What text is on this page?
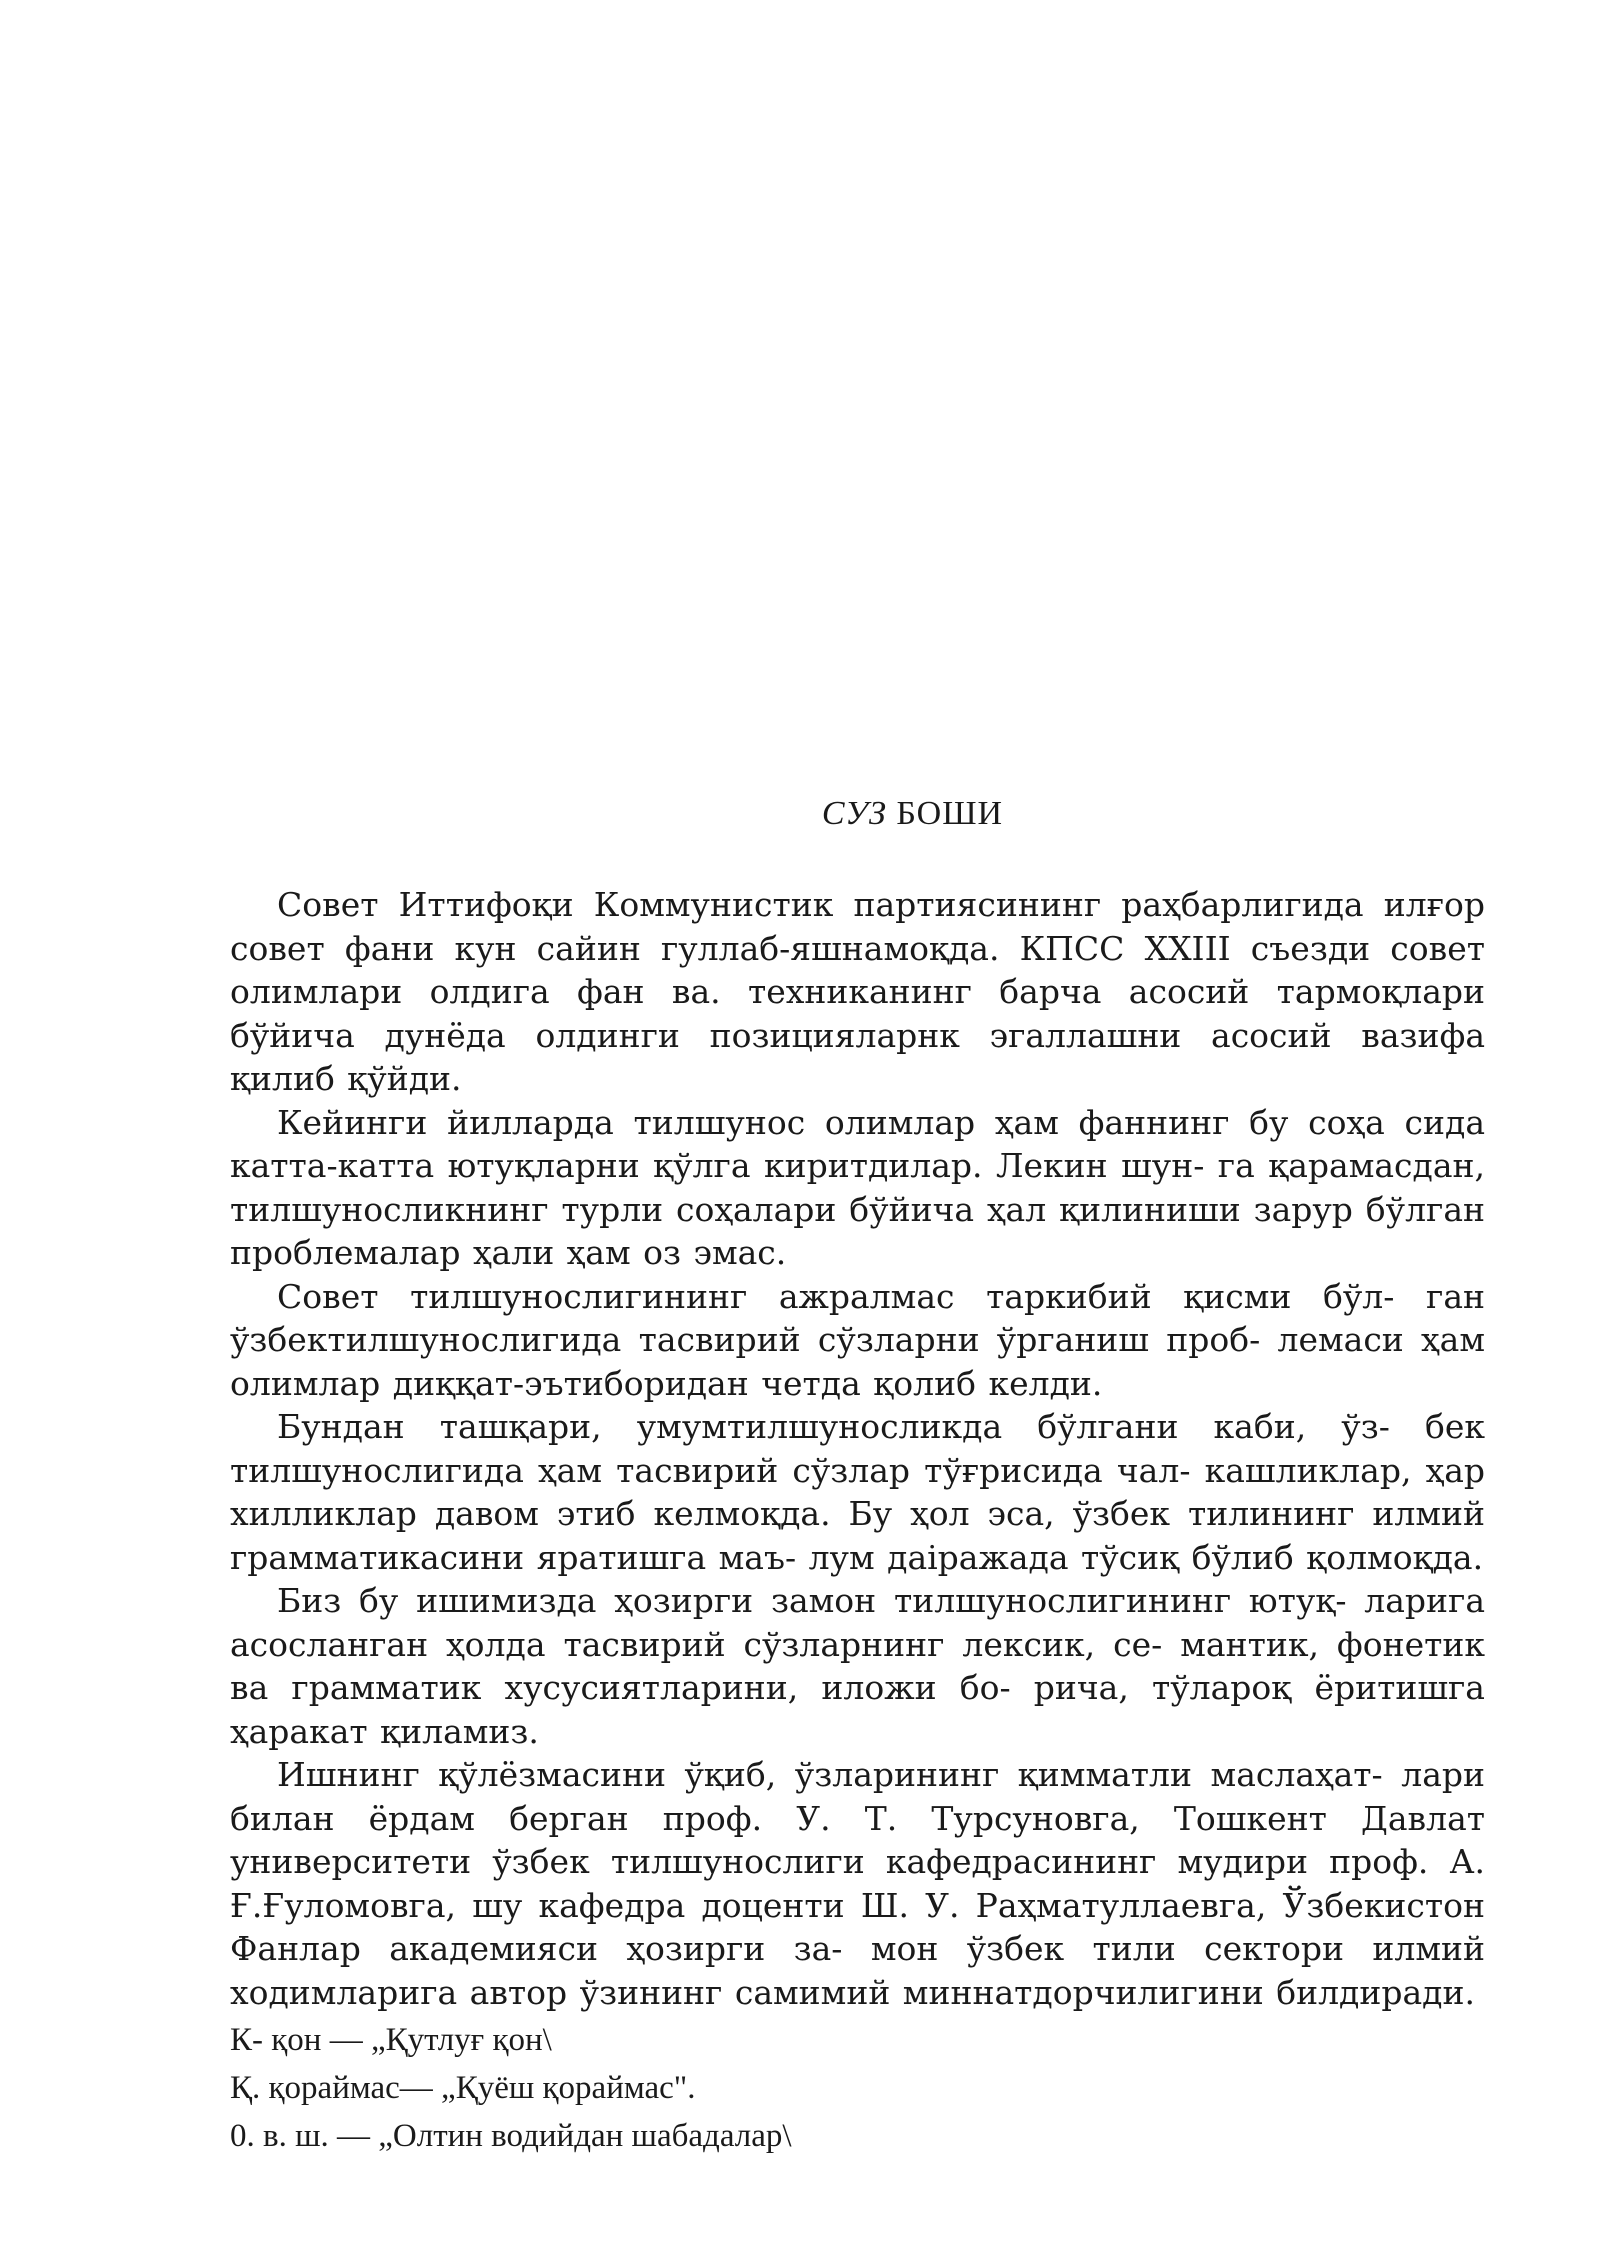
СУЗ БОШИ

Совет Иттифоқи Коммунистик партиясининг раҳбарлигида илғор совет фани кун сайин гуллаб-яшнамоқда. КПСС XXIII съезди совет олимлари олдига фан ва. техниканинг барча асосий тармоқлари бўйича дунёда олдинги позицияларнк эгаллашни асосий вазифа қилиб қўйди.

Кейинги йилларда тилшунос олимлар ҳам фаннинг бу соҳа сида катта-катта ютуқларни қўлга киритдилар. Лекин шун- га қарамасдан, тилшуносликнинг турли соҳалари бўйича ҳал қилиниши зарур бўлган проблемалар ҳали ҳам оз эмас.

Совет тилшунослигининг ажралмас таркибий қисми бўл- ган ўзбектилшунослигида тасвирий сўзларни ўрганиш проб- лемаси ҳам олимлар диққат-эътиборидан четда қолиб келди.

Бундан ташқари, умумтилшуносликда бўлгани каби, ўз- бек тилшунослигида ҳам тасвирий сўзлар тўғрисида чал- кашликлар, ҳар хилликлар давом этиб келмоқда. Бу ҳол эса, ўзбек тилининг илмий грамматикасини яратишга маъ- лум даіражада тўсиқ бўлиб қолмоқда.

Биз бу ишимизда ҳозирги замон тилшунослигининг ютуқ- ларига асосланган ҳолда тасвирий сўзларнинг лексик, се- мантик, фонетик ва грамматик хусусиятларини, иложи бо- рича, тўлароқ ёритишга ҳаракат қиламиз.

Ишнинг қўлёзмасини ўқиб, ўзларининг қимматли маслаҳат- лари билан ёрдам берган проф. У. Т. Турсуновга, Тошкент Давлат университети ўзбек тилшунослиги кафедрасининг мудири проф. А. Ғ.Ғуломовга, шу кафедра доценти Ш. У. Раҳматуллаевга, Ўзбекистон Фанлар академияси ҳозирги за- мон ўзбек тили сектори илмий ходимларига автор ўзининг самимий миннатдорчилигини билдиради.

К- қон — „Қутлуғ қон\

Қ. қораймас— „Қуёш қораймас".

0. в. ш. — „Олтин водийдан шабадалар\
